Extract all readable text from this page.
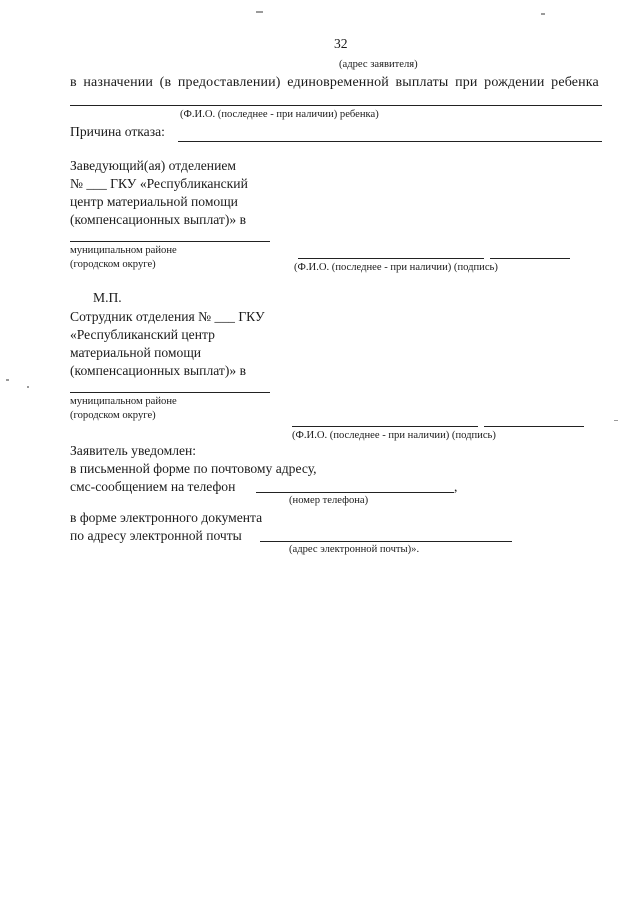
32
(адрес заявителя)
в назначении (в предоставлении) единовременной выплаты при рождении ребенка
(Ф.И.О. (последнее - при наличии) ребенка)
Причина отказа:
Заведующий(ая) отделением
№ ___ ГКУ «Республиканский
центр материальной помощи
(компенсационных выплат)» в
муниципальном районе
(городском округе)	(Ф.И.О. (последнее - при наличии) (подпись)
М.П.
Сотрудник отделения № ___ ГКУ
«Республиканский центр
материальной помощи
(компенсационных выплат)» в
муниципальном районе
(городском округе)
(Ф.И.О. (последнее - при наличии) (подпись)
Заявитель уведомлен:
в письменной форме по почтовому адресу,
смс-сообщением на телефон	,
(номер телефона)
в форме электронного документа
по адресу электронной почты
(адрес электронной почты)».
